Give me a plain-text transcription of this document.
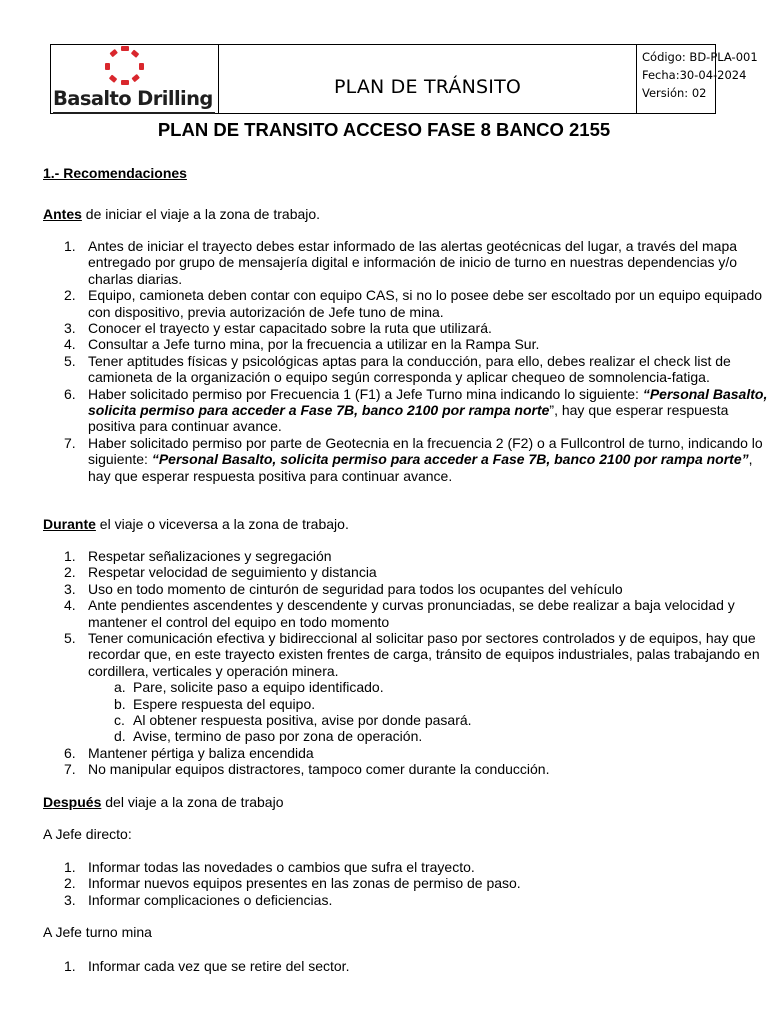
Basalto Drilling	PLAN DE TRÁNSITO
Código: BD-PLA-001
Fecha:30-04-2024
Versión: 02
PLAN DE TRANSITO ACCESO FASE 8 BANCO 2155
1.- Recomendaciones
Antes de iniciar el viaje a la zona de trabajo.
1. Antes de iniciar el trayecto debes estar informado de las alertas geotécnicas del lugar, a través del mapa entregado por grupo de mensajería digital e información de inicio de turno en nuestras dependencias y/o charlas diarias.
2. Equipo, camioneta deben contar con equipo CAS, si no lo posee debe ser escoltado por un equipo equipado con dispositivo, previa autorización de Jefe tuno de mina.
3. Conocer el trayecto y estar capacitado sobre la ruta que utilizará.
4. Consultar a Jefe turno mina, por la frecuencia a utilizar en la Rampa Sur.
5. Tener aptitudes físicas y psicológicas aptas para la conducción, para ello, debes realizar el check list de camioneta de la organización o equipo según corresponda y aplicar chequeo de somnolencia-fatiga.
6. Haber solicitado permiso por Frecuencia 1 (F1) a Jefe Turno mina indicando lo siguiente: “Personal Basalto, solicita permiso para acceder a Fase 7B, banco 2100 por rampa norte”, hay que esperar respuesta positiva para continuar avance.
7. Haber solicitado permiso por parte de Geotecnia en la frecuencia 2 (F2) o a Fullcontrol de turno, indicando lo siguiente: “Personal Basalto, solicita permiso para acceder a Fase 7B, banco 2100 por rampa norte”, hay que esperar respuesta positiva para continuar avance.
Durante el viaje o viceversa a la zona de trabajo.
1. Respetar señalizaciones y segregación
2. Respetar velocidad de seguimiento y distancia
3. Uso en todo momento de cinturón de seguridad para todos los ocupantes del vehículo
4. Ante pendientes ascendentes y descendente y curvas pronunciadas, se debe realizar a baja velocidad y mantener el control del equipo en todo momento
5. Tener comunicación efectiva y bidireccional al solicitar paso por sectores controlados y de equipos, hay que recordar que, en este trayecto existen frentes de carga, tránsito de equipos industriales, palas trabajando en cordillera, verticales y operación minera.
a. Pare, solicite paso a equipo identificado.
b. Espere respuesta del equipo.
c. Al obtener respuesta positiva, avise por donde pasará.
d. Avise, termino de paso por zona de operación.
6. Mantener pértiga y baliza encendida
7. No manipular equipos distractores, tampoco comer durante la conducción.
Después del viaje a la zona de trabajo
A Jefe directo:
1. Informar todas las novedades o cambios que sufra el trayecto.
2. Informar nuevos equipos presentes en las zonas de permiso de paso.
3. Informar complicaciones o deficiencias.
A Jefe turno mina
1. Informar cada vez que se retire del sector.
